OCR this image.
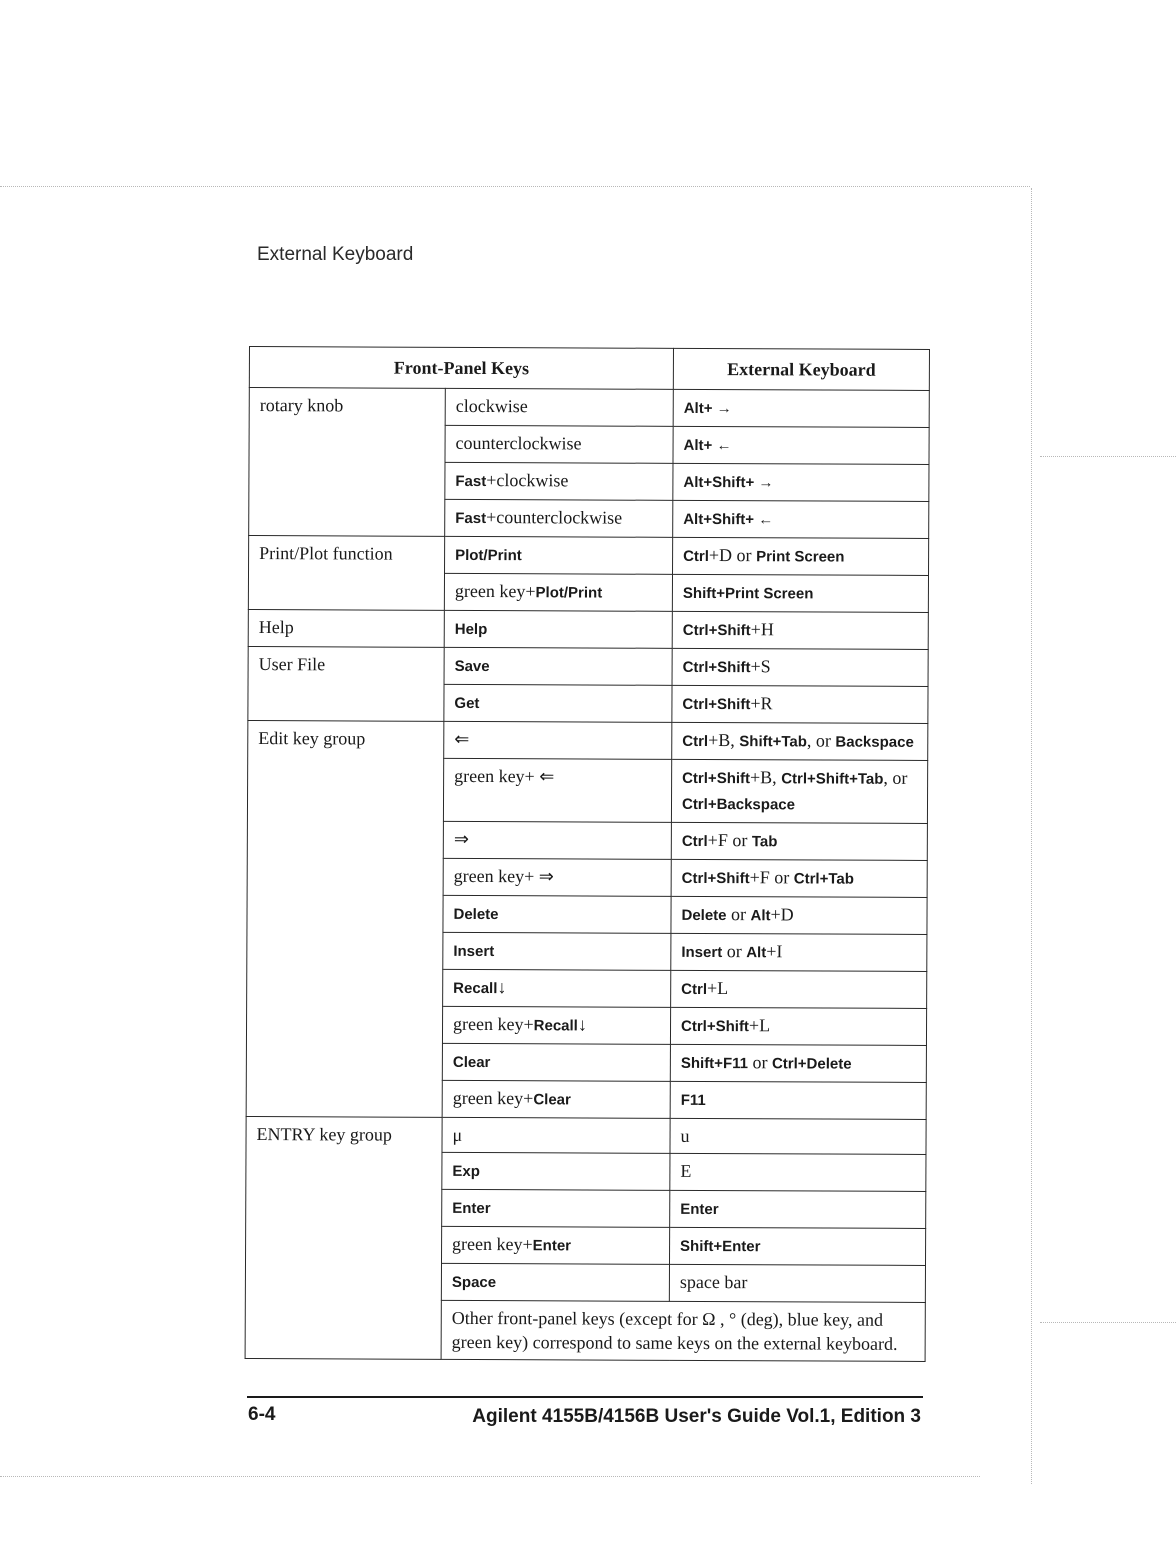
External Keyboard
Front-Panel Keys		External Keyboard
rotary knob	clockwise	Alt+ →
	counterclockwise	Alt+ ←
	Fast+clockwise	Alt+Shift+ →
	Fast+counterclockwise	Alt+Shift+ ←
Print/Plot function	Plot/Print	Ctrl+D or Print Screen
	green key+Plot/Print	Shift+Print Screen
Help	Help	Ctrl+Shift+H
User File	Save	Ctrl+Shift+S
	Get	Ctrl+Shift+R
Edit key group	⇐	Ctrl+B, Shift+Tab, or Backspace
	green key+ ⇐	Ctrl+Shift+B, Ctrl+Shift+Tab, or Ctrl+Backspace
	⇒	Ctrl+F or Tab
	green key+ ⇒	Ctrl+Shift+F or Ctrl+Tab
	Delete	Delete or Alt+D
	Insert	Insert or Alt+I
	Recall↓	Ctrl+L
	green key+Recall↓	Ctrl+Shift+L
	Clear	Shift+F11 or Ctrl+Delete
	green key+Clear	F11
ENTRY key group	μ	u
	Exp	E
	Enter	Enter
	green key+Enter	Shift+Enter
	Space	space bar
	Other front-panel keys (except for Ω , ° (deg), blue key, and green key) correspond to same keys on the external keyboard.	
6-4	Agilent 4155B/4156B User's Guide Vol.1, Edition 3
